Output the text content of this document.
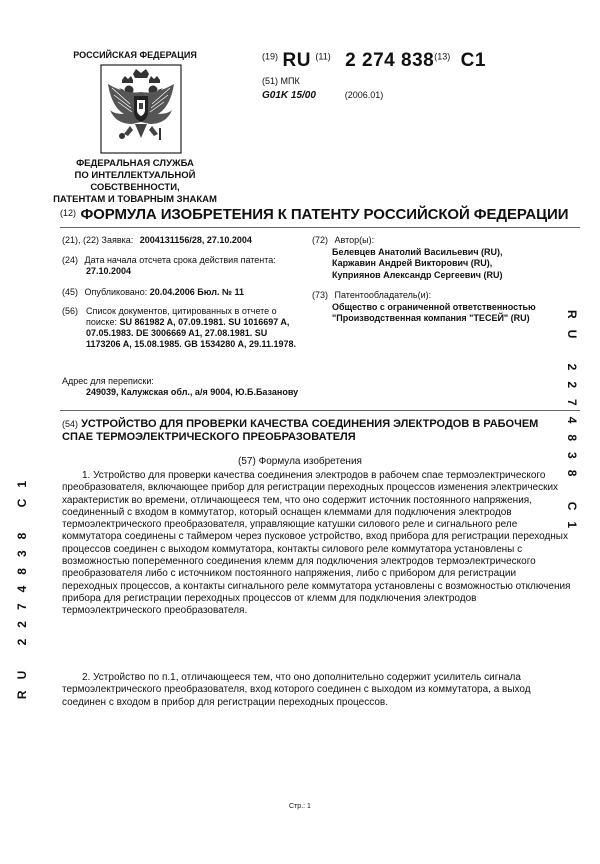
РОССИЙСКАЯ ФЕДЕРАЦИЯ
ФЕДЕРАЛЬНАЯ СЛУЖБА
ПО ИНТЕЛЛЕКТУАЛЬНОЙ СОБСТВЕННОСТИ,
ПАТЕНТАМ И ТОВАРНЫМ ЗНАКАМ
$^{(19)}$ RU $^{(11)}$ 2 274 838$^{(13)}$ C1
(51) МПК
G01K 15/00	(2006.01)
(12) ФОРМУЛА ИЗОБРЕТЕНИЯ К ПАТЕНТУ РОССИЙСКОЙ ФЕДЕРАЦИИ
(21), (22) Заявка: 2004131156/28, 27.10.2004
(24) Дата начала отсчета срока действия патента:
27.10.2004
(45) Опубликовано: 20.04.2006 Бюл. № 11
(56) Список документов, цитированных в отчете о поиске: SU 861982 A, 07.09.1981. SU 1016697 A, 07.05.1983. DE 3006669 A1, 27.08.1981. SU 1173206 A, 15.08.1985. GB 1534280 A, 29.11.1978.
Адрес для переписки:
249039, Калужская обл., а/я 9004, Ю.Б.Базанову
(72) Автор(ы):
Белевцев Анатолий Васильевич (RU),
Каржавин Андрей Викторович (RU),
Куприянов Александр Сергеевич (RU)
(73) Патентообладатель(и):
Общество с ограниченной ответственностью
"Производственная компания "ТЕСЕЙ" (RU)
RU 2274838 C1
RU 2274838 C1
(54) УСТРОЙСТВО ДЛЯ ПРОВЕРКИ КАЧЕСТВА СОЕДИНЕНИЯ ЭЛЕКТРОДОВ В РАБОЧЕМ СПАЕ ТЕРМОЭЛЕКТРИЧЕСКОГО ПРЕОБРАЗОВАТЕЛЯ
(57) Формула изобретения
1. Устройство для проверки качества соединения электродов в рабочем спае термоэлектрического преобразователя, включающее прибор для регистрации переходных процессов изменения электрических характеристик во времени, отличающееся тем, что оно содержит источник постоянного напряжения, соединенный с входом в коммутатор, который оснащен клеммами для подключения электродов термоэлектрического преобразователя, управляющие катушки силового реле и сигнального реле коммутатора соединены с таймером через пусковое устройство, вход прибора для регистрации переходных процессов соединен с выходом коммутатора, контакты силового реле коммутатора установлены с возможностью попеременного соединения клемм для подключения электродов термоэлектрического преобразователя либо с источником постоянного напряжения, либо с прибором для регистрации переходных процессов, а контакты сигнального реле коммутатора установлены с возможностью отключения прибора для регистрации переходных процессов от клемм для подключения электродов термоэлектрического преобразователя.
2. Устройство по п.1, отличающееся тем, что оно дополнительно содержит усилитель сигнала термоэлектрического преобразователя, вход которого соединен с выходом из коммутатора, а выход соединен с входом в прибор для регистрации переходных процессов.
Стр.: 1
